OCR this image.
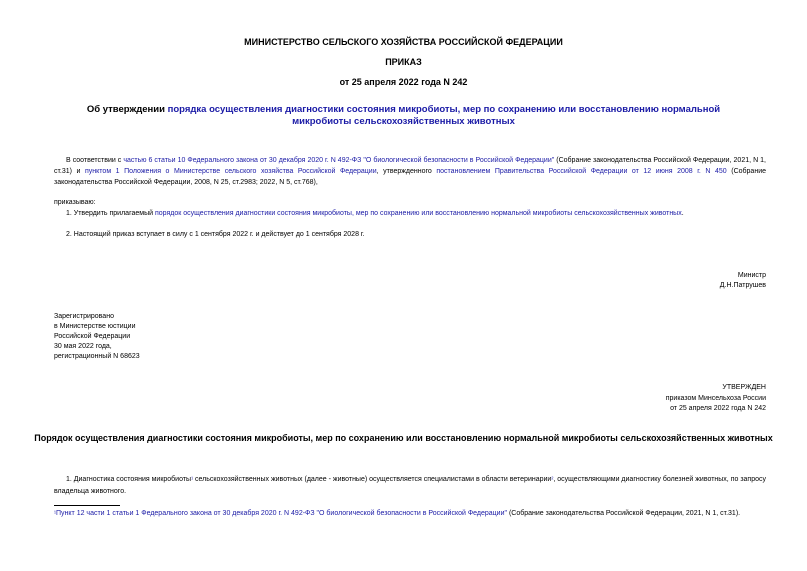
МИНИСТЕРСТВО СЕЛЬСКОГО ХОЗЯЙСТВА РОССИЙСКОЙ ФЕДЕРАЦИИ
ПРИКАЗ
от 25 апреля 2022 года N 242
Об утверждении порядка осуществления диагностики состояния микробиоты, мер по сохранению или восстановлению нормальной микробиоты сельскохозяйственных животных
В соответствии с частью 6 статьи 10 Федерального закона от 30 декабря 2020 г. N 492-ФЗ "О биологической безопасности в Российской Федерации" (Собрание законодательства Российской Федерации, 2021, N 1, ст.31) и пунктом 1 Положения о Министерстве сельского хозяйства Российской Федерации, утвержденного постановлением Правительства Российской Федерации от 12 июня 2008 г. N 450 (Собрание законодательства Российской Федерации, 2008, N 25, ст.2983; 2022, N 5, ст.768),
приказываю:
1. Утвердить прилагаемый порядок осуществления диагностики состояния микробиоты, мер по сохранению или восстановлению нормальной микробиоты сельскохозяйственных животных.
2. Настоящий приказ вступает в силу с 1 сентября 2022 г. и действует до 1 сентября 2028 г.
Министр
Д.Н.Патрушев
Зарегистрировано
в Министерстве юстиции
Российской Федерации
30 мая 2022 года,
регистрационный N 68623
УТВЕРЖДЕН
приказом Минсельхоза России
от 25 апреля 2022 года N 242
Порядок осуществления диагностики состояния микробиоты, мер по сохранению или восстановлению нормальной микробиоты сельскохозяйственных животных
1. Диагностика состояния микробиоты¹ сельскохозяйственных животных (далее - животные) осуществляется специалистами в области ветеринарии², осуществляющими диагностику болезней животных, по запросу владельца животного.
¹Пункт 12 части 1 статьи 1 Федерального закона от 30 декабря 2020 г. N 492-ФЗ "О биологической безопасности в Российской Федерации" (Собрание законодательства Российской Федерации, 2021, N 1, ст.31).
